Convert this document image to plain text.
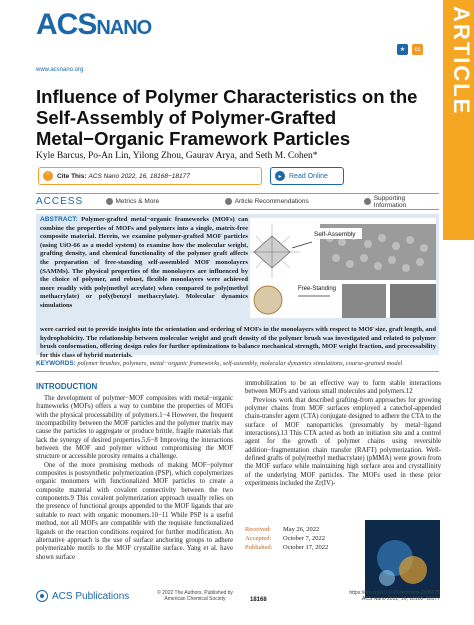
ACSNANO
www.acsnano.org
★	cc ARTICLE
Influence of Polymer Characteristics on the Self-Assembly of Polymer-Grafted Metal−Organic Framework Particles
Kyle Barcus, Po-An Lin, Yilong Zhou, Gaurav Arya, and Seth M. Cohen*
“	Cite This:
ACS Nano 2022, 16, 18168−18177	▸	Read Online
ACCESS	Metrics & More	Article Recommendations	Supporting Information
ABSTRACT: Polymer-grafted metal−organic frameworks (MOFs) can combine the properties of MOFs and polymers into a single, matrix-free composite material. Herein, we examine polymer-grafted MOF particles (using UiO-66 as a model system) to examine how the molecular weight, grafting density, and chemical functionality of the polymer graft affects the preparation of free-standing self-assembled MOF monolayers (SAMMs). The physical properties of the monolayers are influenced by the choice of polymer, and robust, flexible monolayers were achieved more readily with poly(methyl acrylate) when compared to poly(methyl methacrylate) or poly(benzyl methacrylate). Molecular dynamics simulations
Self-Assembly
Free-Standing
were carried out to provide insights into the orientation and ordering of MOFs in the monolayers with respect to MOF size, graft length, and hydrophobicity. The relationship between molecular weight and graft density of the polymer brush was investigated and related to polymer brush conformation, offering design rules for further optimizations to balance mechanical strength, MOF weight fraction, and processability for this class of hybrid materials.
KEYWORDS: polymer brushes, polymers, metal−organic frameworks, self-assembly, molecular dynamics simulations, coarse-grained model
INTRODUCTION

The development of polymer−MOF composites with metal−organic frameworks (MOFs) offers a way to combine the properties of MOFs with the physical processability of polymers.1−4 However, the frequent incompatibility between the MOF particles and the polymer matrix may cause the particles to aggregate or produce brittle, fragile materials that lack the synergy of desired properties.5,6−8 Improving the interactions between the MOF and polymer without compromising the MOF structure or accessible porosity remains a challenge.

One of the more promising methods of making MOF−polymer composites is postsynthetic polymerization (PSP), which copolymerizes organic monomers with functionalized MOF particles to create a composite material with covalent connectivity between the two components.9 This covalent polymerization approach usually relies on the presence of functional groups appended to the MOF ligands that are suitable to react with organic monomers.10−11 While PSP is a useful method, not all MOFs are compatible with the requisite functionalized ligands or the reaction conditions required for further modification. An alternative approach is the use of surface anchoring groups to adhere polymerizable motifs to the MOF crystallite surface. Yang et al. have shown surface

immobilization to be an effective way to form stable interactions between MOFs and various small molecules and polymers.12

Previous work that described grafting-from approaches for growing polymer chains from MOF surfaces employed a catechol-appended chain-transfer agent (CTA) conjugate designed to adhere the CTA to the surface of MOF nanoparticles (presumably by metal−ligand interactions).13 This CTA acted as both an initiation site and a control agent for the growth of polymer chains using reversible addition−fragmentation chain transfer (RAFT) polymerization. Well-defined grafts of poly(methyl methacrylate) (pMMA) were grown from the MOF surface while maintaining high surface area and crystallinity of the underlying MOF particles. The MOFs used in these prior experiments included the Zr(IV)-

Received: May 26, 2022
Accepted: October 7, 2022
Published: October 17, 2022
ACS Publications	© 2022 The Authors. Published by American Chemical Society	18168
https://doi.org/10.1021/acsnano.2c05175
ACS Nano 2022, 16, 18168−18177
